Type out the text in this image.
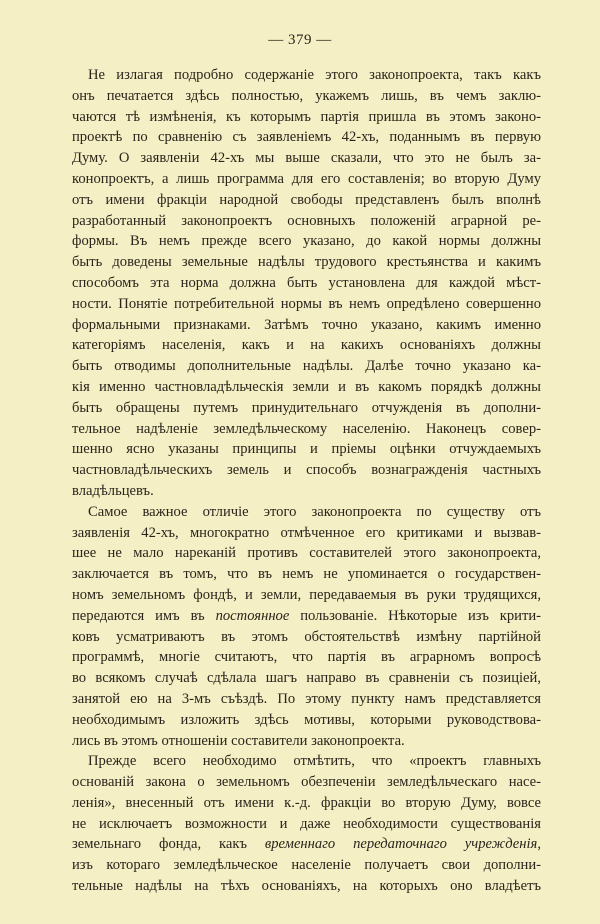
— 379 —
Не излагая подробно содержаніе этого законопроекта, такъ какъ
онъ печатается здѣсь полностью, укажемъ лишь, въ чемъ заклю-
чаются тѣ измѣненія, къ которымъ партія пришла въ этомъ законо-
проектѣ по сравненію съ заявленіемъ 42-хъ, поданнымъ въ первую
Думу. О заявленіи 42-хъ мы выше сказали, что это не былъ за-
конопроектъ, а лишь программа для его составленія; во вторую Думу
отъ имени фракціи народной свободы представленъ былъ вполнѣ
разработанный законопроектъ основныхъ положеній аграрной ре-
формы. Въ немъ прежде всего указано, до какой нормы должны
быть доведены земельные надѣлы трудового крестьянства и какимъ
способомъ эта норма должна быть установлена для каждой мѣст-
ности. Понятіе потребительной нормы въ немъ опредѣлено совершенно
формальными признаками. Затѣмъ точно указано, какимъ именно
категоріямъ населенія, какъ и на какихъ основаніяхъ должны
быть отводимы дополнительные надѣлы. Далѣе точно указано ка-
кія именно частновладѣльческія земли и въ какомъ порядкѣ должны
быть обращены путемъ принудительнаго отчужденія въ дополни-
тельное надѣленіе земледѣльческому населенію. Наконецъ совер-
шенно ясно указаны принципы и пріемы оцѣнки отчуждаемыхъ
частновладѣльческихъ земель и способъ вознагражденія частныхъ
владѣльцевъ.
Самое важное отличіе этого законопроекта по существу отъ
заявленія 42-хъ, многократно отмѣченное его критиками и вызвав-
шее не мало нареканій противъ составителей этого законопроекта,
заключается въ томъ, что въ немъ не упоминается о государствен-
номъ земельномъ фондѣ, и земли, передаваемыя въ руки трудящихся,
передаются имъ въ постоянное пользованіе. Нѣкоторые изъ крити-
ковъ усматриваютъ въ этомъ обстоятельствѣ измѣну партійной
программѣ, многіе считаютъ, что партія въ аграрномъ вопросѣ
во всякомъ случаѣ сдѣлала шагъ направо въ сравненіи съ позиціей,
занятой ею на 3-мъ съѣздѣ. По этому пункту намъ представляется
необходимымъ изложить здѣсь мотивы, которыми руководствова-
лись въ этомъ отношеніи составители законопроекта.
Прежде всего необходимо отмѣтить, что «проектъ главныхъ
основаній закона о земельномъ обезпеченіи земледѣльческаго насе-
ленія», внесенный отъ имени к.-д. фракціи во вторую Думу, вовсе
не исключаетъ возможности и даже необходимости существованія
земельнаго фонда, какъ временнаго передаточнаго учрежденія,
изъ котораго земледѣльческое населеніе получаетъ свои дополни-
тельные надѣлы на тѣхъ основаніяхъ, на которыхъ оно владѣетъ
